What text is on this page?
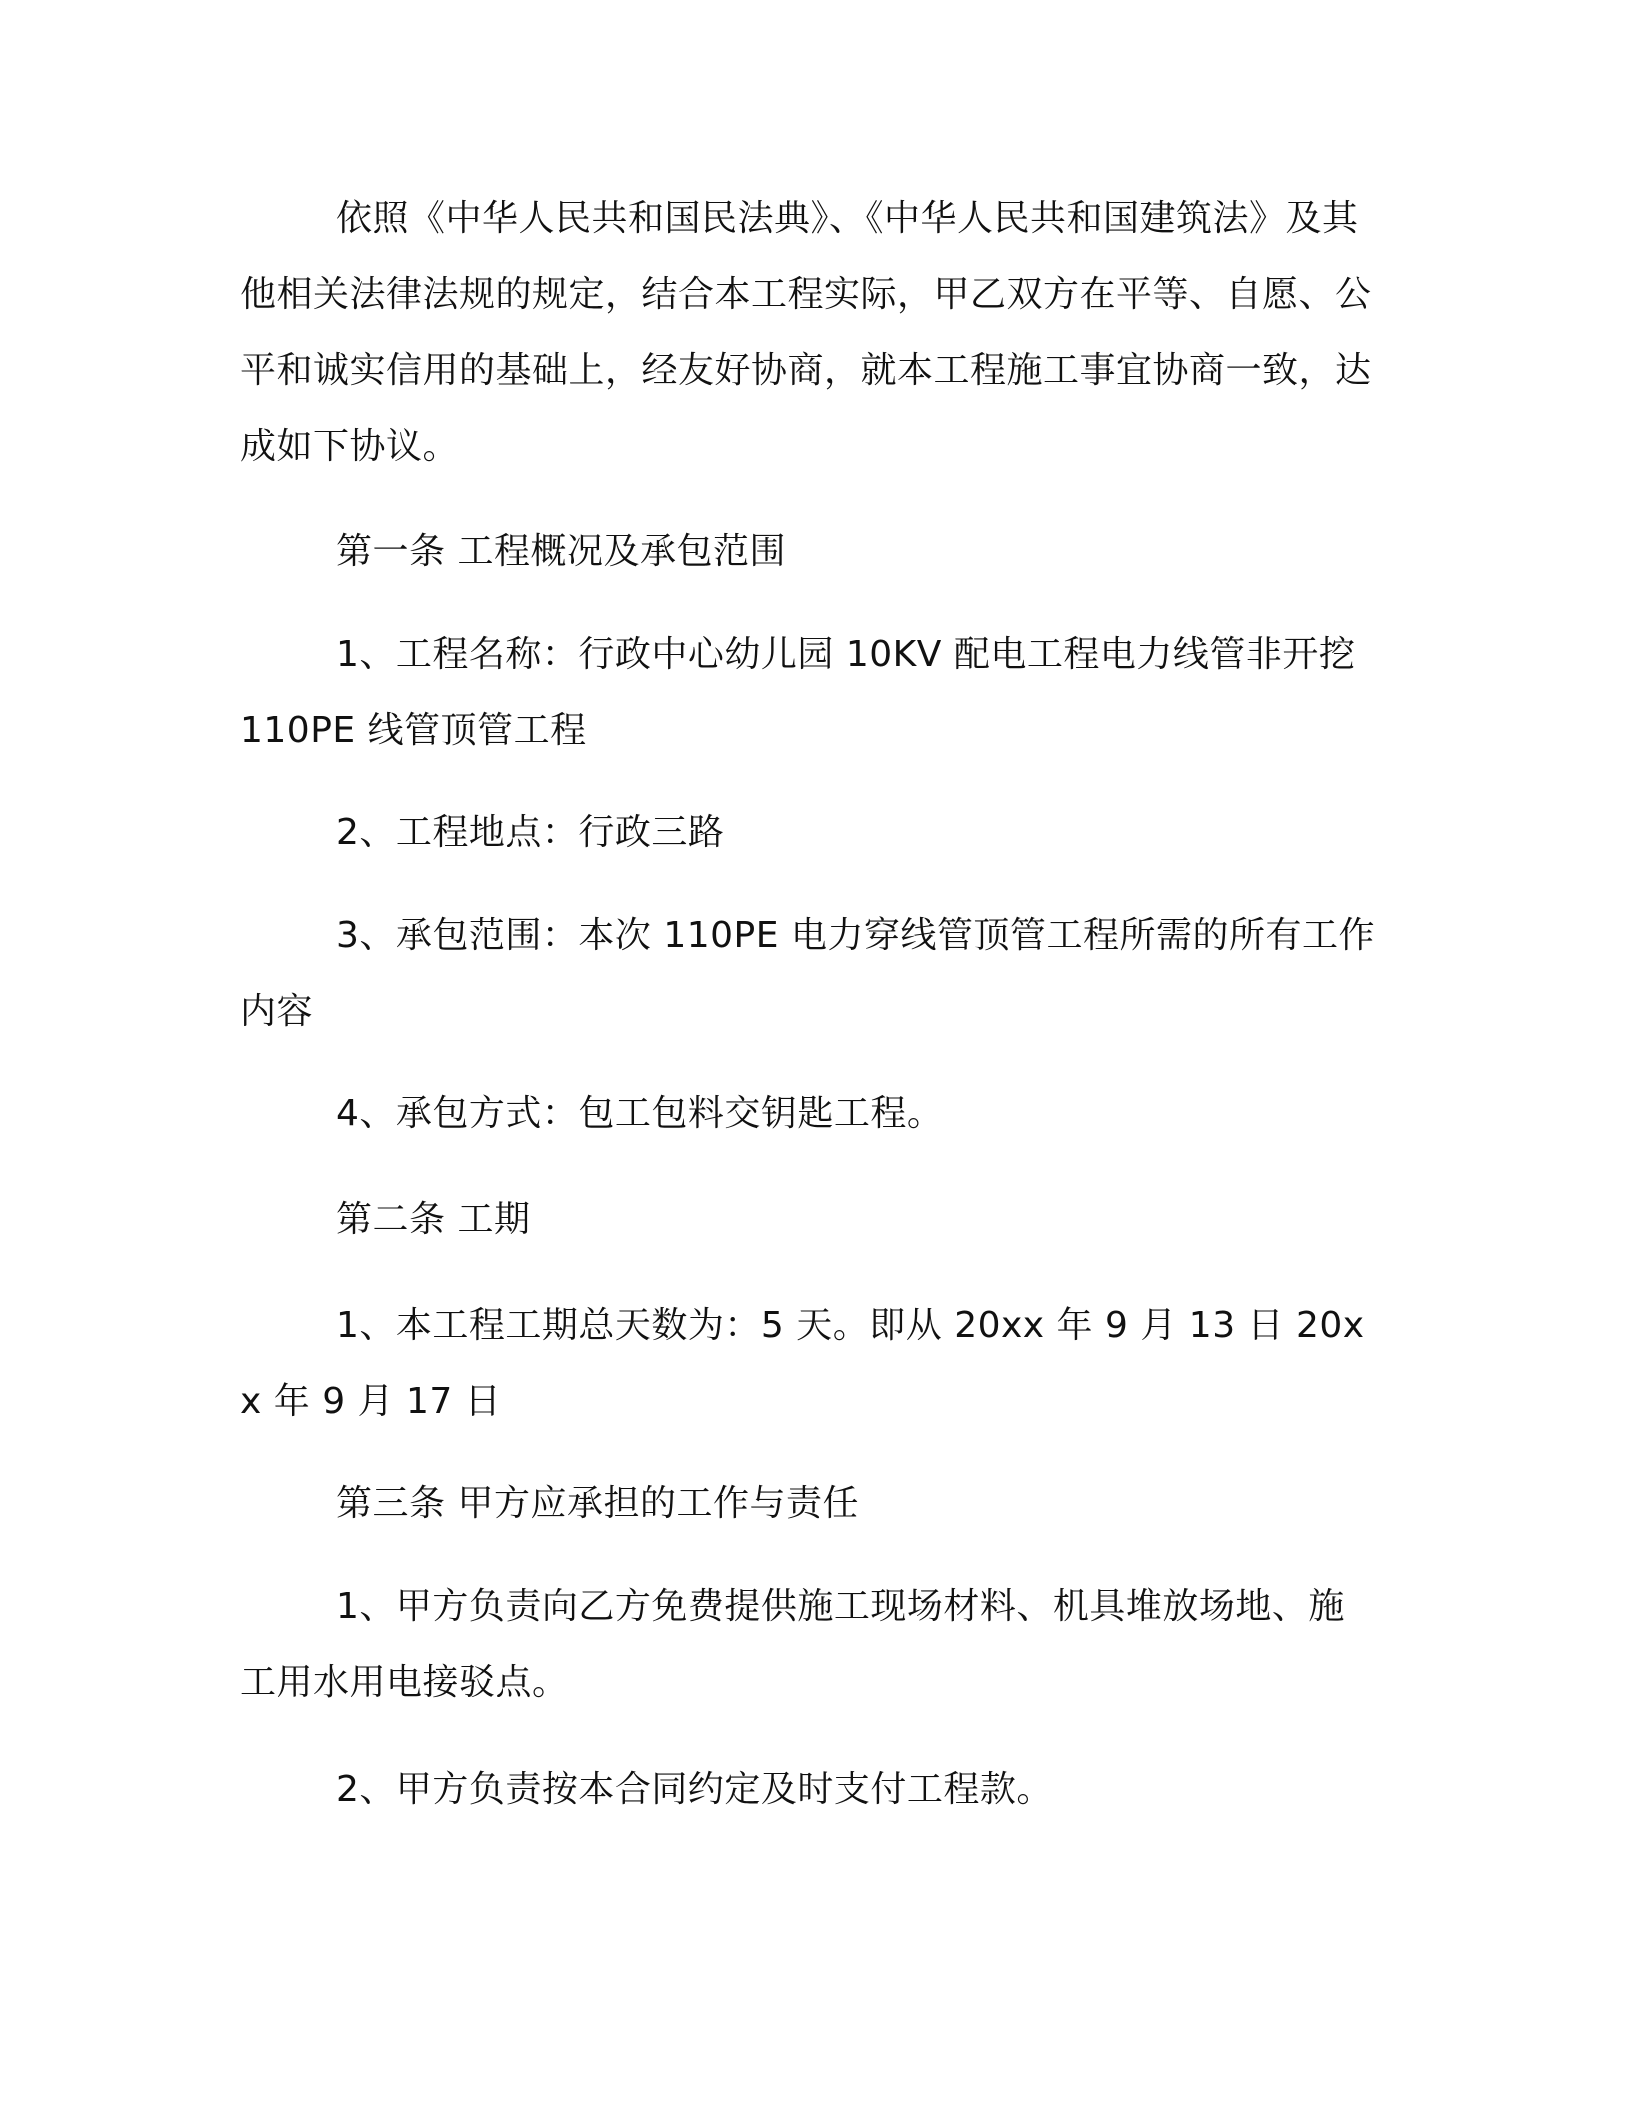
依照《中华人民共和国民法典》、《中华人民共和国建筑法》及其他相关法律法规的规定，结合本工程实际，甲乙双方在平等、自愿、公平和诚实信用的基础上，经友好协商，就本工程施工事宜协商一致，达成如下协议。

第一条 工程概况及承包范围

1、工程名称：行政中心幼儿园 10KV 配电工程电力线管非开挖 110PE 线管顶管工程

2、工程地点：行政三路

3、承包范围：本次 110PE 电力穿线管顶管工程所需的所有工作内容

4、承包方式：包工包料交钥匙工程。

第二条 工期

1、本工程工期总天数为：5 天。即从 20xx 年 9 月 13 日 20xx 年 9 月 17 日

第三条 甲方应承担的工作与责任

1、甲方负责向乙方免费提供施工现场材料、机具堆放场地、施工用水用电接驳点。

2、甲方负责按本合同约定及时支付工程款。
